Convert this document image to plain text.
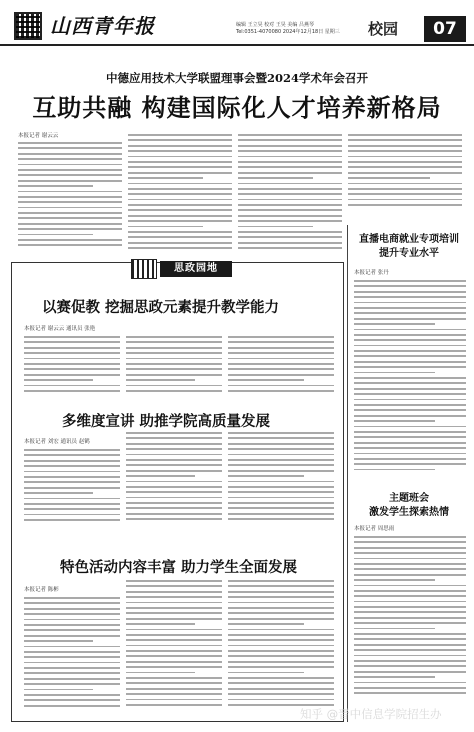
山西青年报	编辑 王立昊 校对 王昊 美编 吕燕琴
Tel:0351-4070080 2024年12月18日 星期三 校园	07
中德应用技术大学联盟理事会暨2024学术年会召开
互助共融 构建国际化人才培养新格局
本报记者 谢云云
思政园地
以赛促教 挖掘思政元素提升教学能力
本报记者 谢云云 通讯员 张艳
多维度宣讲 助推学院高质量发展
本报记者 刘宏 通讯员 赵鹤
特色活动内容丰富 助力学生全面发展
本报记者 陈彬
直播电商就业专项培训
提升专业水平
本报记者 张丹
主题班会
激发学生探索热情
本报记者 周思雨
知乎 @晋中信息学院招生办
